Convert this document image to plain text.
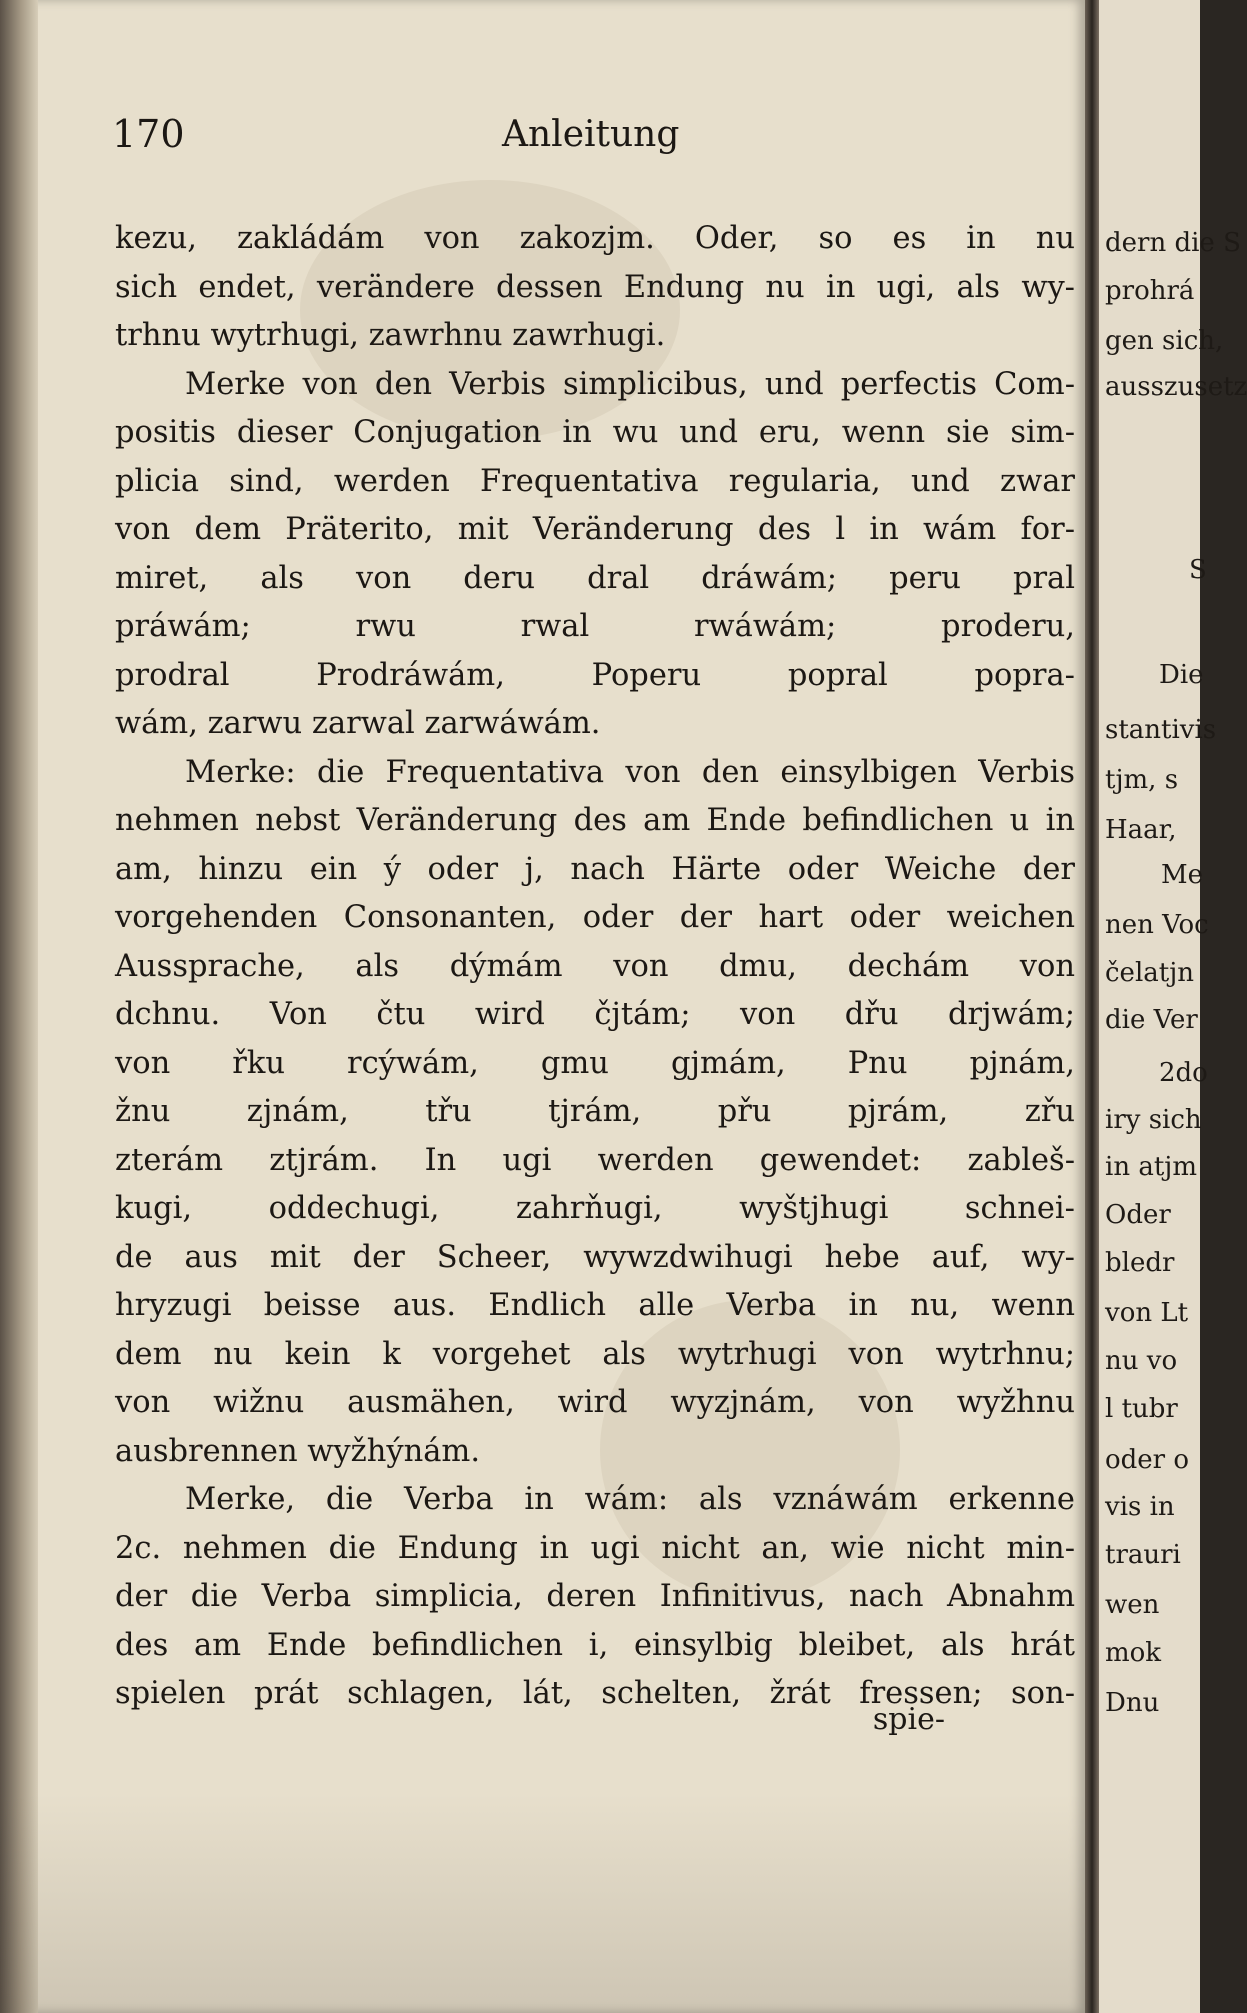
170	Anleitung
kezu, zakládám von zakozjm. Oder, so es in nu
sich endet, verändere dessen Endung nu in ugi, als wy-
trhnu wytrhugi, zawrhnu zawrhugi.
Merke von den Verbis simplicibus, und perfectis Com-
positis dieser Conjugation in wu und eru, wenn sie sim-
plicia sind, werden Frequentativa regularia, und zwar
von dem Präterito, mit Veränderung des l in wám for-
miret, als von deru dral dráwám; peru pral
práwám; rwu rwal rwáwám; proderu,
prodral Prodráwám, Poperu popral popra-
wám, zarwu zarwal zarwáwám.
Merke: die Frequentativa von den einsylbigen Verbis
nehmen nebst Veränderung des am Ende befindlichen u in
am, hinzu ein ý oder j, nach Härte oder Weiche der
vorgehenden Consonanten, oder der hart oder weichen
Aussprache, als dýmám von dmu, dechám von
dchnu. Von čtu wird čjtám; von dřu drjwám;
von řku rcýwám, gmu gjmám, Pnu pjnám,
žnu zjnám, třu tjrám, přu pjrám, zřu
zterám ztjrám. In ugi werden gewendet: zableš-
kugi, oddechugi, zahrňugi, wyštjhugi schnei-
de aus mit der Scheer, wywzdwihugi hebe auf, wy-
hryzugi beisse aus. Endlich alle Verba in nu, wenn
dem nu kein k vorgehet als wytrhugi von wytrhnu;
von wižnu ausmähen, wird wyzjnám, von wyžhnu
ausbrennen wyžhýnám.
Merke, die Verba in wám: als vznáwám erkenne
2c. nehmen die Endung in ugi nicht an, wie nicht min-
der die Verba simplicia, deren Infinitivus, nach Abnahm
des am Ende befindlichen i, einsylbig bleibet, als hrát
spielen prát schlagen, lát, schelten, žrát fressen; son-
spie-
dern die S
prohrá
gen sich,
ausszusetz
S
Die
stantivis
tjm, s
Haar,
Me
nen Voc
čelatjn
die Ver
2do
iry sich
in atjm
Oder
bledr
von Lt
nu vo
l tubr
oder o
vis in
trauri
wen
mok
Dnu
